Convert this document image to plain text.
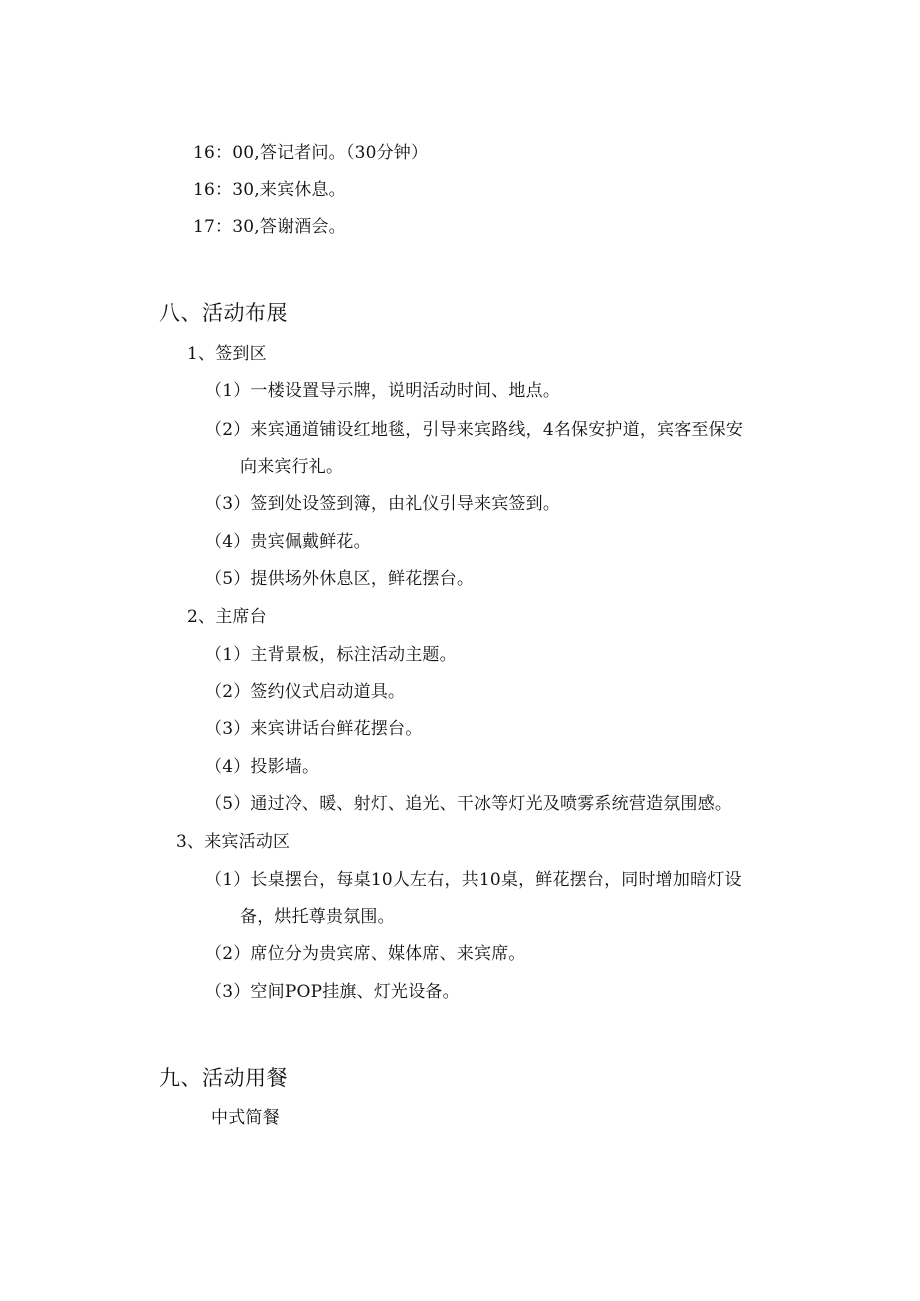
16：00,答记者问。（30分钟）
16：30,来宾休息。
17：30,答谢酒会。
八、活动布展
1、签到区
（1）一楼设置导示牌，说明活动时间、地点。
（2）来宾通道铺设红地毯，引导来宾路线，4名保安护道，宾客至保安
向来宾行礼。
（3）签到处设签到簿，由礼仪引导来宾签到。
（4）贵宾佩戴鲜花。
（5）提供场外休息区，鲜花摆台。
2、主席台
（1）主背景板，标注活动主题。
（2）签约仪式启动道具。
（3）来宾讲话台鲜花摆台。
（4）投影墙。
（5）通过冷、暖、射灯、追光、干冰等灯光及喷雾系统营造氛围感。
3、来宾活动区
（1）长桌摆台，每桌10人左右，共10桌，鲜花摆台，同时增加暗灯设
备，烘托尊贵氛围。
（2）席位分为贵宾席、媒体席、来宾席。
（3）空间POP挂旗、灯光设备。
九、活动用餐
中式简餐
